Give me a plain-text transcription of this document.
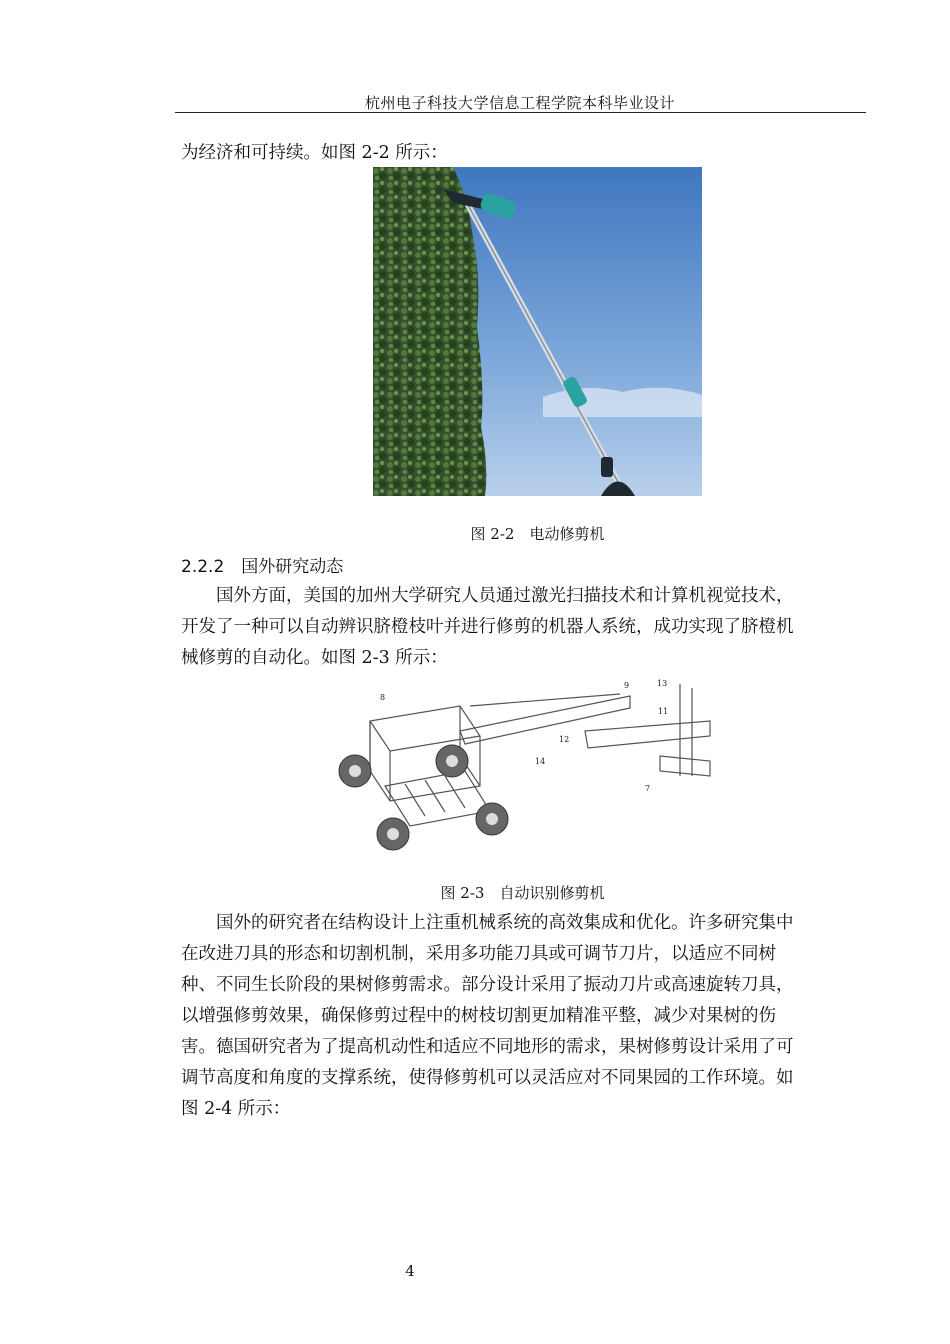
杭州电子科技大学信息工程学院本科毕业设计

为经济和可持续。如图 2-2 所示：

图 2-2　电动修剪机
2.2.2　国外研究动态

　　国外方面，美国的加州大学研究人员通过激光扫描技术和计算机视觉技术，
开发了一种可以自动辨识脐橙枝叶并进行修剪的机器人系统，成功实现了脐橙机
械修剪的自动化。如图 2-3 所示：

8
9	13
11
12
14
7
图 2-3　自动识别修剪机

　　国外的研究者在结构设计上注重机械系统的高效集成和优化。许多研究集中
在改进刀具的形态和切割机制，采用多功能刀具或可调节刀片，以适应不同树
种、不同生长阶段的果树修剪需求。部分设计采用了振动刀片或高速旋转刀具，
以增强修剪效果，确保修剪过程中的树枝切割更加精准平整，减少对果树的伤
害。德国研究者为了提高机动性和适应不同地形的需求，果树修剪设计采用了可
调节高度和角度的支撑系统，使得修剪机可以灵活应对不同果园的工作环境。如
图 2-4 所示：

4
